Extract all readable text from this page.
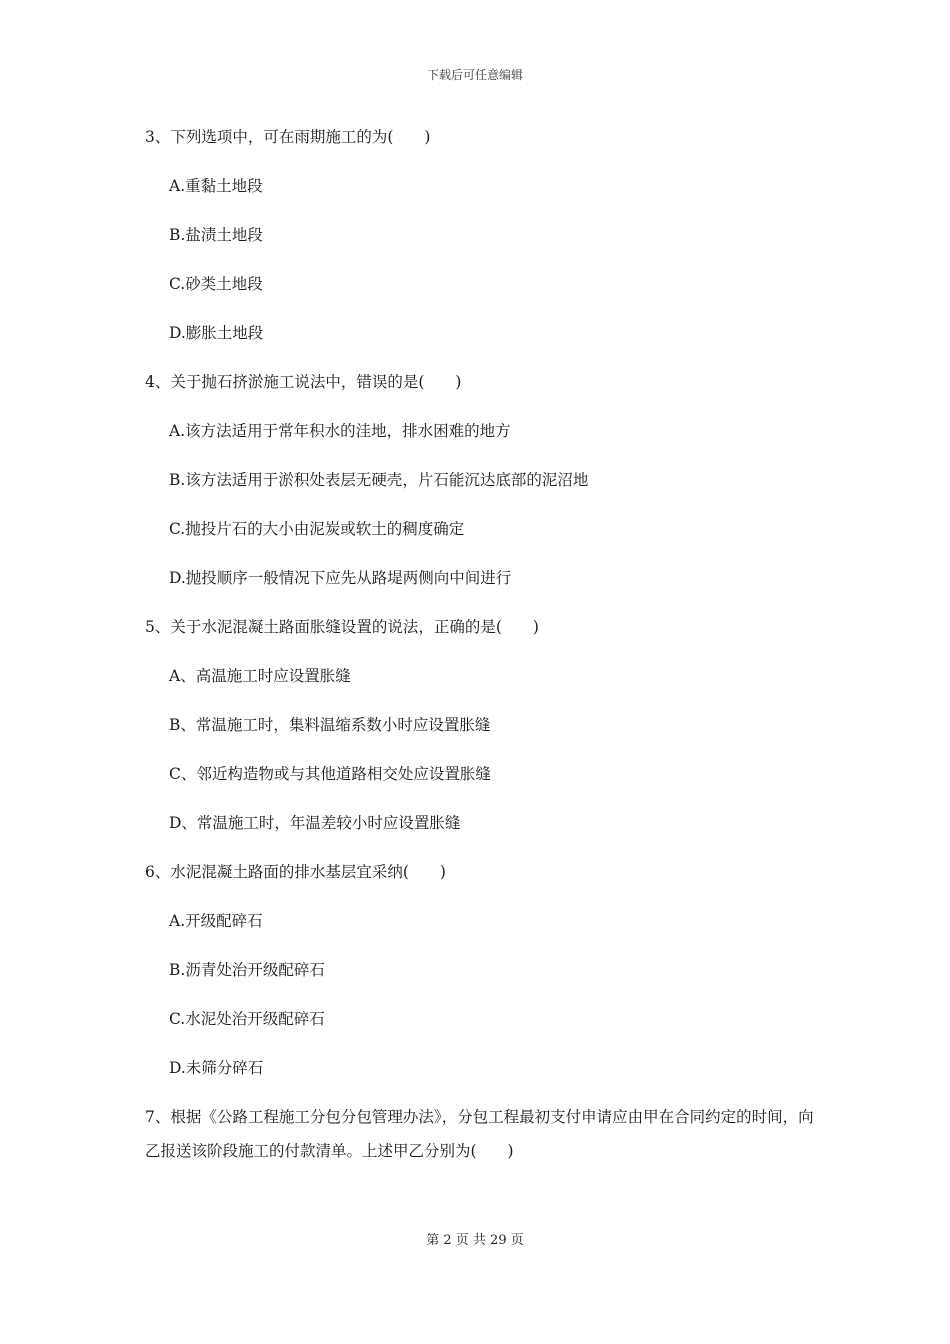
下载后可任意编辑
3、下列选项中，可在雨期施工的为(　　)
A.重黏土地段
B.盐渍土地段
C.砂类土地段
D.膨胀土地段
4、关于抛石挤淤施工说法中，错误的是(　　)
A.该方法适用于常年积水的洼地，排水困难的地方
B.该方法适用于淤积处表层无硬壳，片石能沉达底部的泥沼地
C.抛投片石的大小由泥炭或软土的稠度确定
D.抛投顺序一般情况下应先从路堤两侧向中间进行
5、关于水泥混凝土路面胀缝设置的说法，正确的是(　　)
A、高温施工时应设置胀缝
B、常温施工时，集料温缩系数小时应设置胀缝
C、邻近构造物或与其他道路相交处应设置胀缝
D、常温施工时，年温差较小时应设置胀缝
6、水泥混凝土路面的排水基层宜采纳(　　)
A.开级配碎石
B.沥青处治开级配碎石
C.水泥处治开级配碎石
D.未筛分碎石
7、根据《公路工程施工分包分包管理办法》，分包工程最初支付申请应由甲在合同约定的时间，向乙报送该阶段施工的付款清单。上述甲乙分别为(　　)
第 2 页 共 29 页
